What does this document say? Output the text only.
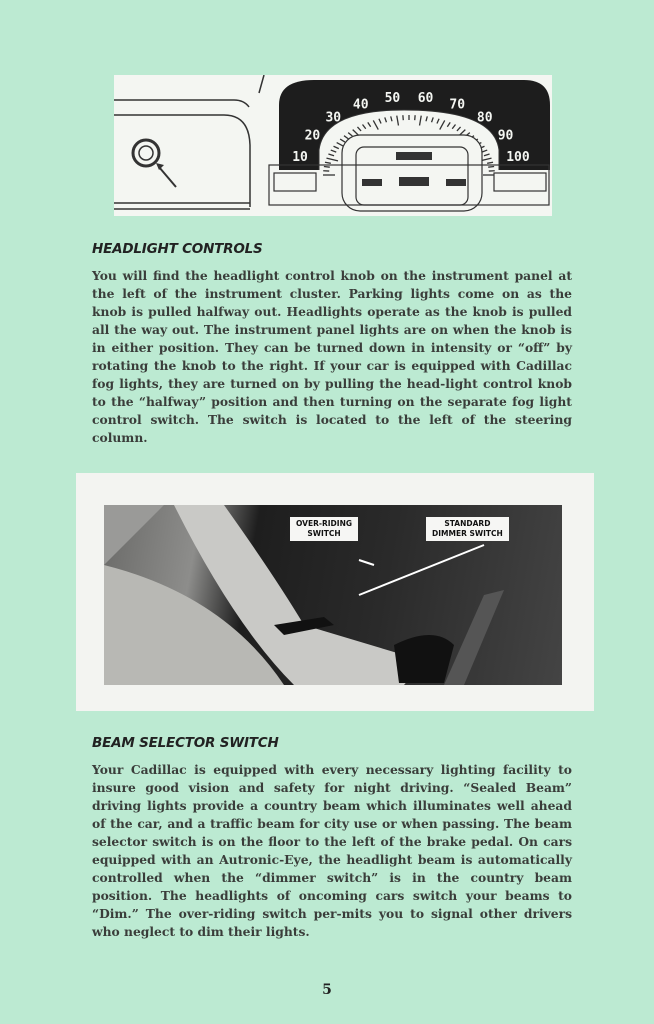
0
10
20
30
40 50 60 70
80
90
100
110
HEADLIGHT CONTROLS
You will find the headlight control knob on the instrument panel at the left of the instrument cluster. Parking lights come on as the knob is pulled halfway out. Headlights operate as the knob is pulled all the way out. The instrument panel lights are on when the knob is in either position. They can be turned down in intensity or “off” by rotating the knob to the right. If your car is equipped with Cadillac fog lights, they are turned on by pulling the head-light control knob to the “halfway” position and then turning on the separate fog light control switch. The switch is located to the left of the steering column.
OVER-RIDING
SWITCH
STANDARD
DIMMER SWITCH
BEAM SELECTOR SWITCH
Your Cadillac is equipped with every necessary lighting facility to insure good vision and safety for night driving. “Sealed Beam” driving lights provide a country beam which illuminates well ahead of the car, and a traffic beam for city use or when passing. The beam selector switch is on the floor to the left of the brake pedal. On cars equipped with an Autronic-Eye, the headlight beam is automatically controlled when the “dimmer switch” is in the country beam position. The headlights of oncoming cars switch your beams to “Dim.” The over-riding switch per-mits you to signal other drivers who neglect to dim their lights.
5
